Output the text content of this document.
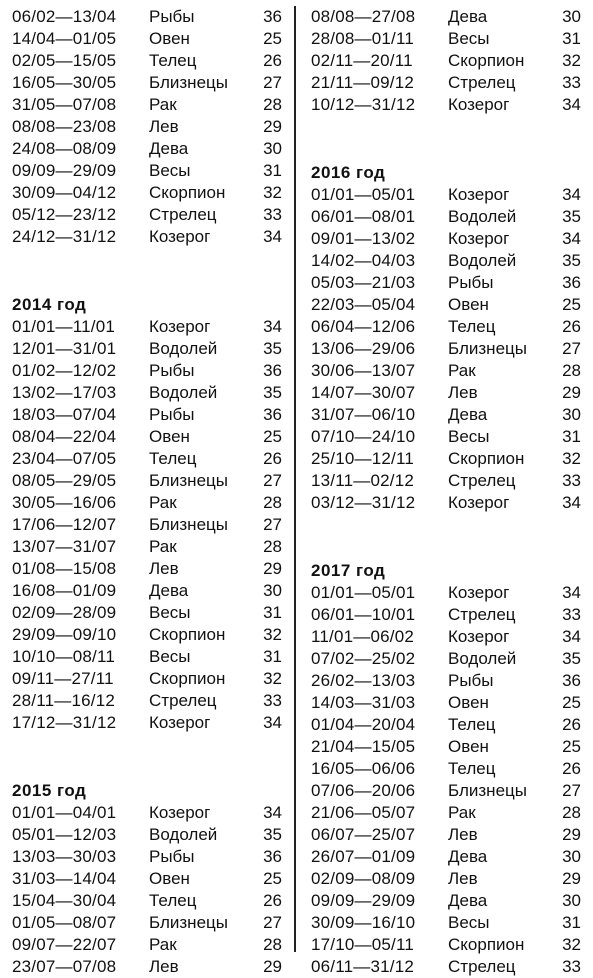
06/02—13/04 Рыбы	36
14/04—01/05 Овен	25
02/05—15/05 Телец	26
16/05—30/05 Близнецы 27
31/05—07/08 Рак	28
08/08—23/08 Лев	29
24/08—08/09 Дева	30
09/09—29/09 Весы	31
30/09—04/12 Скорпион 32
05/12—23/12 Стрелец	33
24/12—31/12 Козерог	34
2014 год
01/01—11/01 Козерог	34
12/01—31/01 Водолей	35
01/02—12/02 Рыбы	36
13/02—17/03 Водолей	35
18/03—07/04 Рыбы	36
08/04—22/04 Овен	25
23/04—07/05 Телец	26
08/05—29/05 Близнецы 27
30/05—16/06 Рак	28
17/06—12/07 Близнецы 27
13/07—31/07 Рак	28
01/08—15/08 Лев	29
16/08—01/09 Дева	30
02/09—28/09 Весы	31
29/09—09/10 Скорпион 32
10/10—08/11 Весы	31
09/11—27/11 Скорпион 32
28/11—16/12 Стрелец	33
17/12—31/12 Козерог	34
2015 год
01/01—04/01 Козерог	34
05/01—12/03 Водолей	35
13/03—30/03 Рыбы	36
31/03—14/04 Овен	25
15/04—30/04 Телец	26
01/05—08/07 Близнецы 27
09/07—22/07 Рак	28
23/07—07/08 Лев	29
08/08—27/08 Дева	30
28/08—01/11 Весы	31
02/11—20/11 Скорпион 32
21/11—09/12 Стрелец	33
10/12—31/12 Козерог	34
2016 год
01/01—05/01 Козерог	34
06/01—08/01 Водолей	35
09/01—13/02 Козерог	34
14/02—04/03 Водолей	35
05/03—21/03 Рыбы	36
22/03—05/04 Овен	25
06/04—12/06 Телец	26
13/06—29/06 Близнецы 27
30/06—13/07 Рак	28
14/07—30/07 Лев	29
31/07—06/10 Дева	30
07/10—24/10 Весы	31
25/10—12/11 Скорпион 32
13/11—02/12 Стрелец	33
03/12—31/12 Козерог	34
2017 год
01/01—05/01 Козерог	34
06/01—10/01 Стрелец	33
11/01—06/02 Козерог	34
07/02—25/02 Водолей	35
26/02—13/03 Рыбы	36
14/03—31/03 Овен	25
01/04—20/04 Телец	26
21/04—15/05 Овен	25
16/05—06/06 Телец	26
07/06—20/06 Близнецы 27
21/06—05/07 Рак	28
06/07—25/07 Лев	29
26/07—01/09 Дева	30
02/09—08/09 Лев	29
09/09—29/09 Дева	30
30/09—16/10 Весы	31
17/10—05/11 Скорпион 32
06/11—31/12 Стрелец	33
